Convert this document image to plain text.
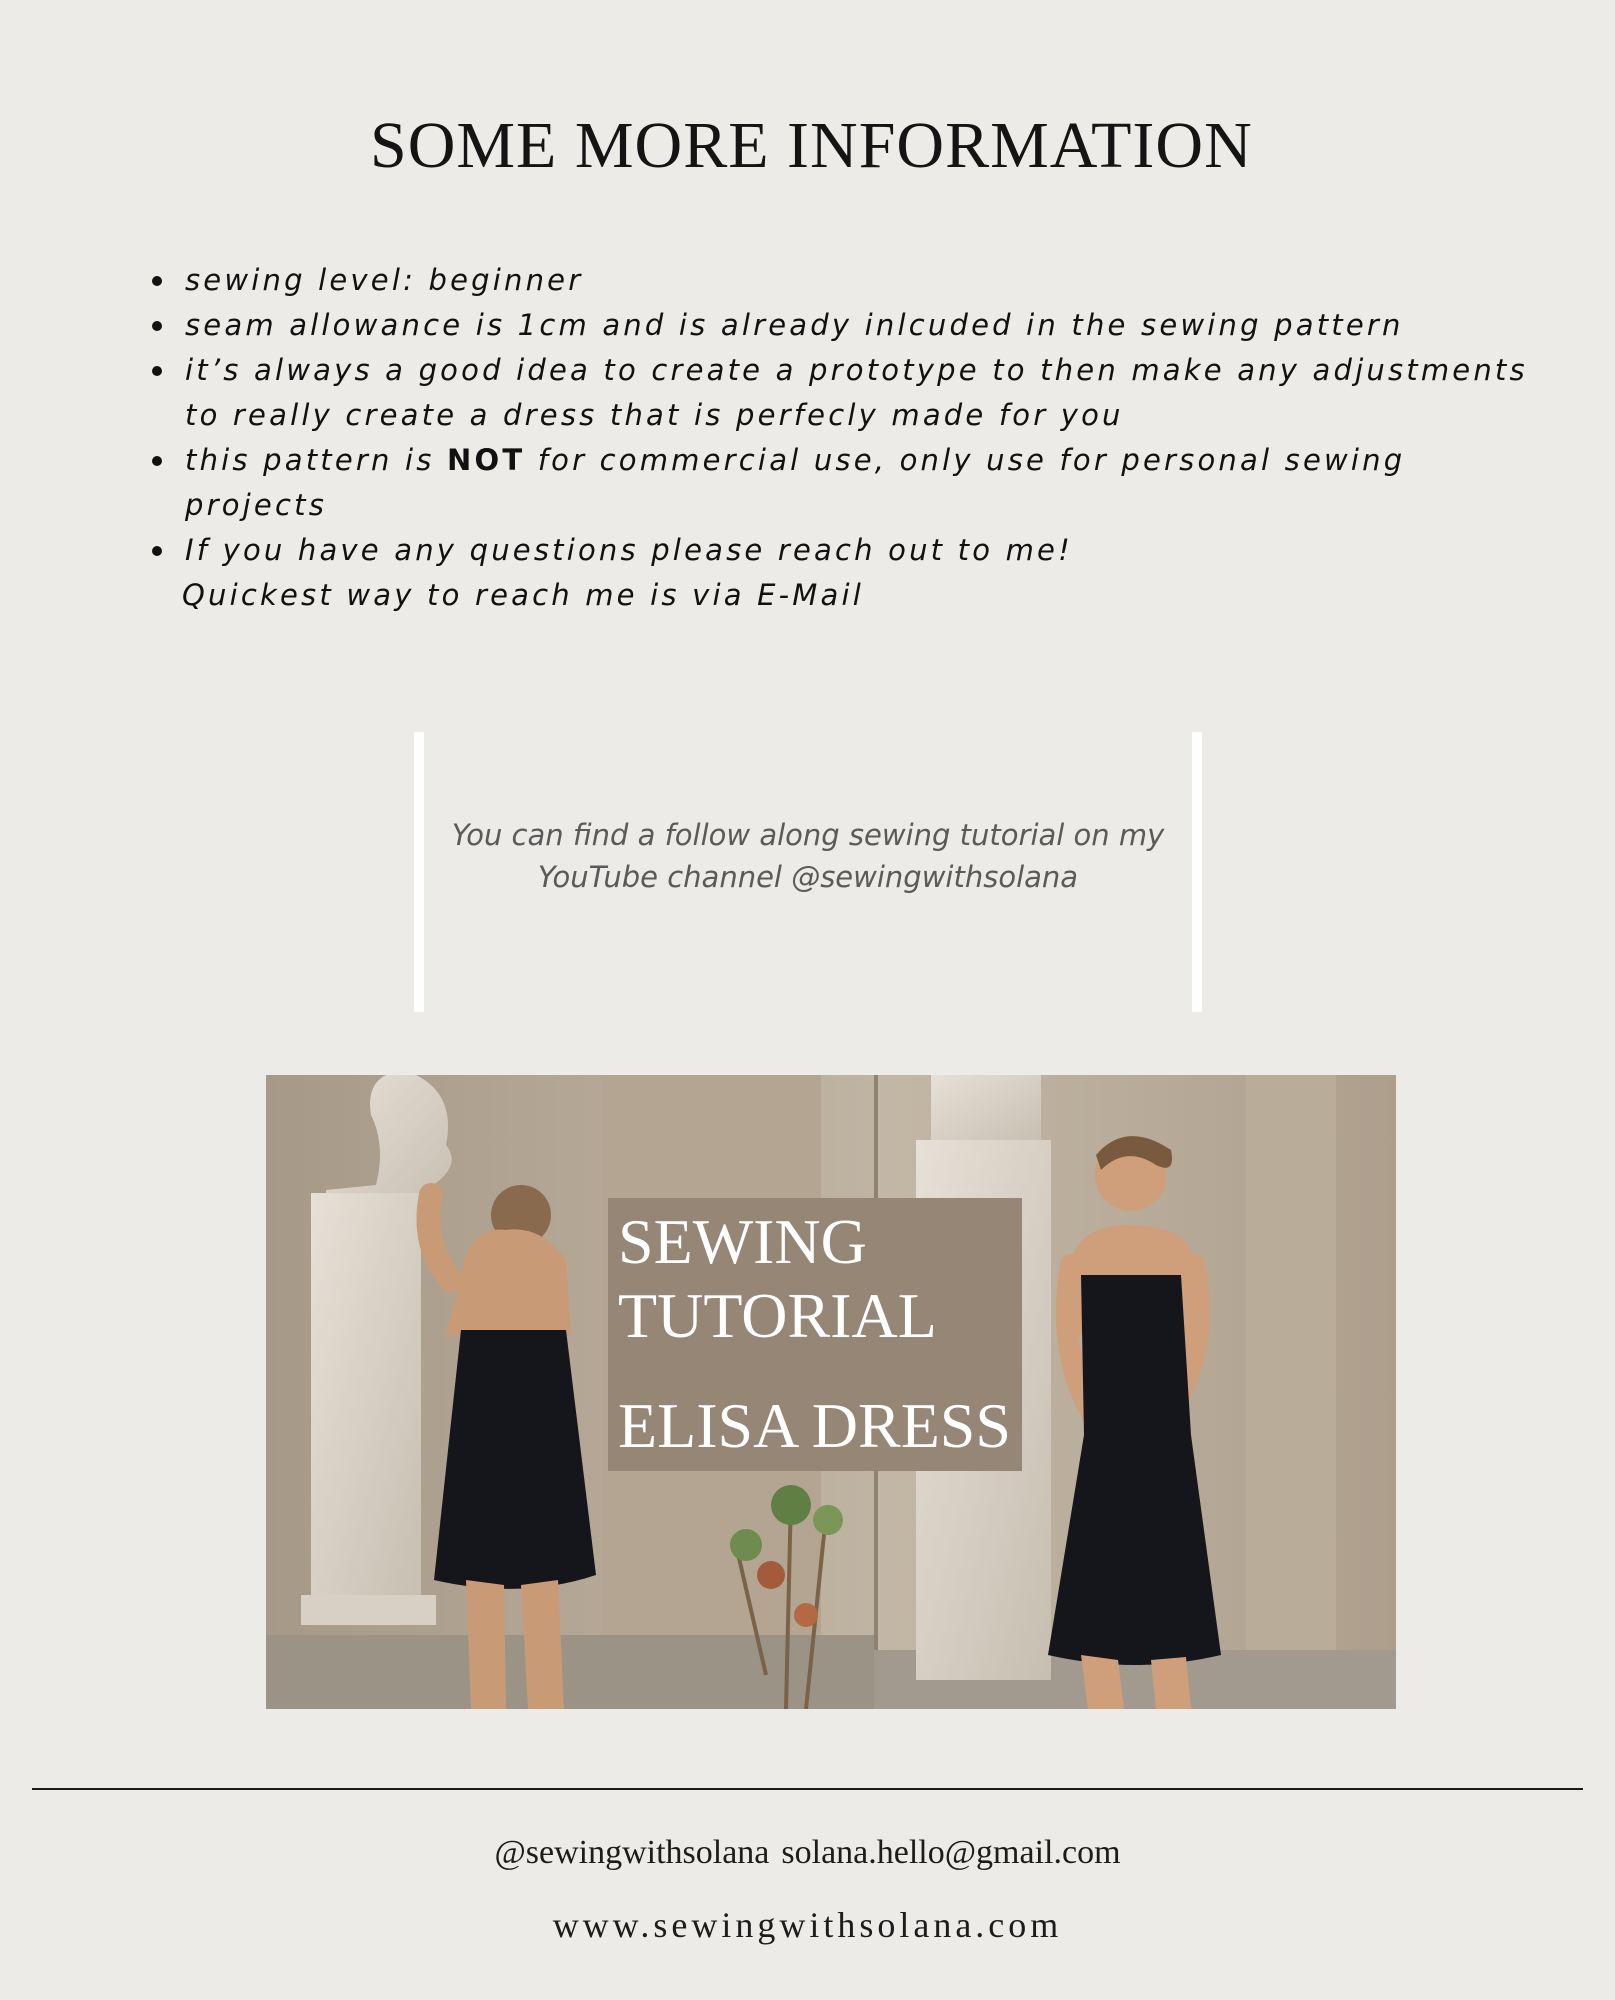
SOME MORE INFORMATION
sewing level: beginner
seam allowance is 1cm and is already inlcuded in the sewing pattern
it’s always a good idea to create a prototype to then make any adjustments
to really create a dress that is perfecly made for you
this pattern is NOT for commercial use, only use for personal sewing
projects
If you have any questions please reach out to me!
Quickest way to reach me is via E-Mail
You can find a follow along sewing tutorial on my
YouTube channel @sewingwithsolana
SEWING
TUTORIAL
ELISA DRESS
@sewingwithsolana solana.hello@gmail.com
www.sewingwithsolana.com
